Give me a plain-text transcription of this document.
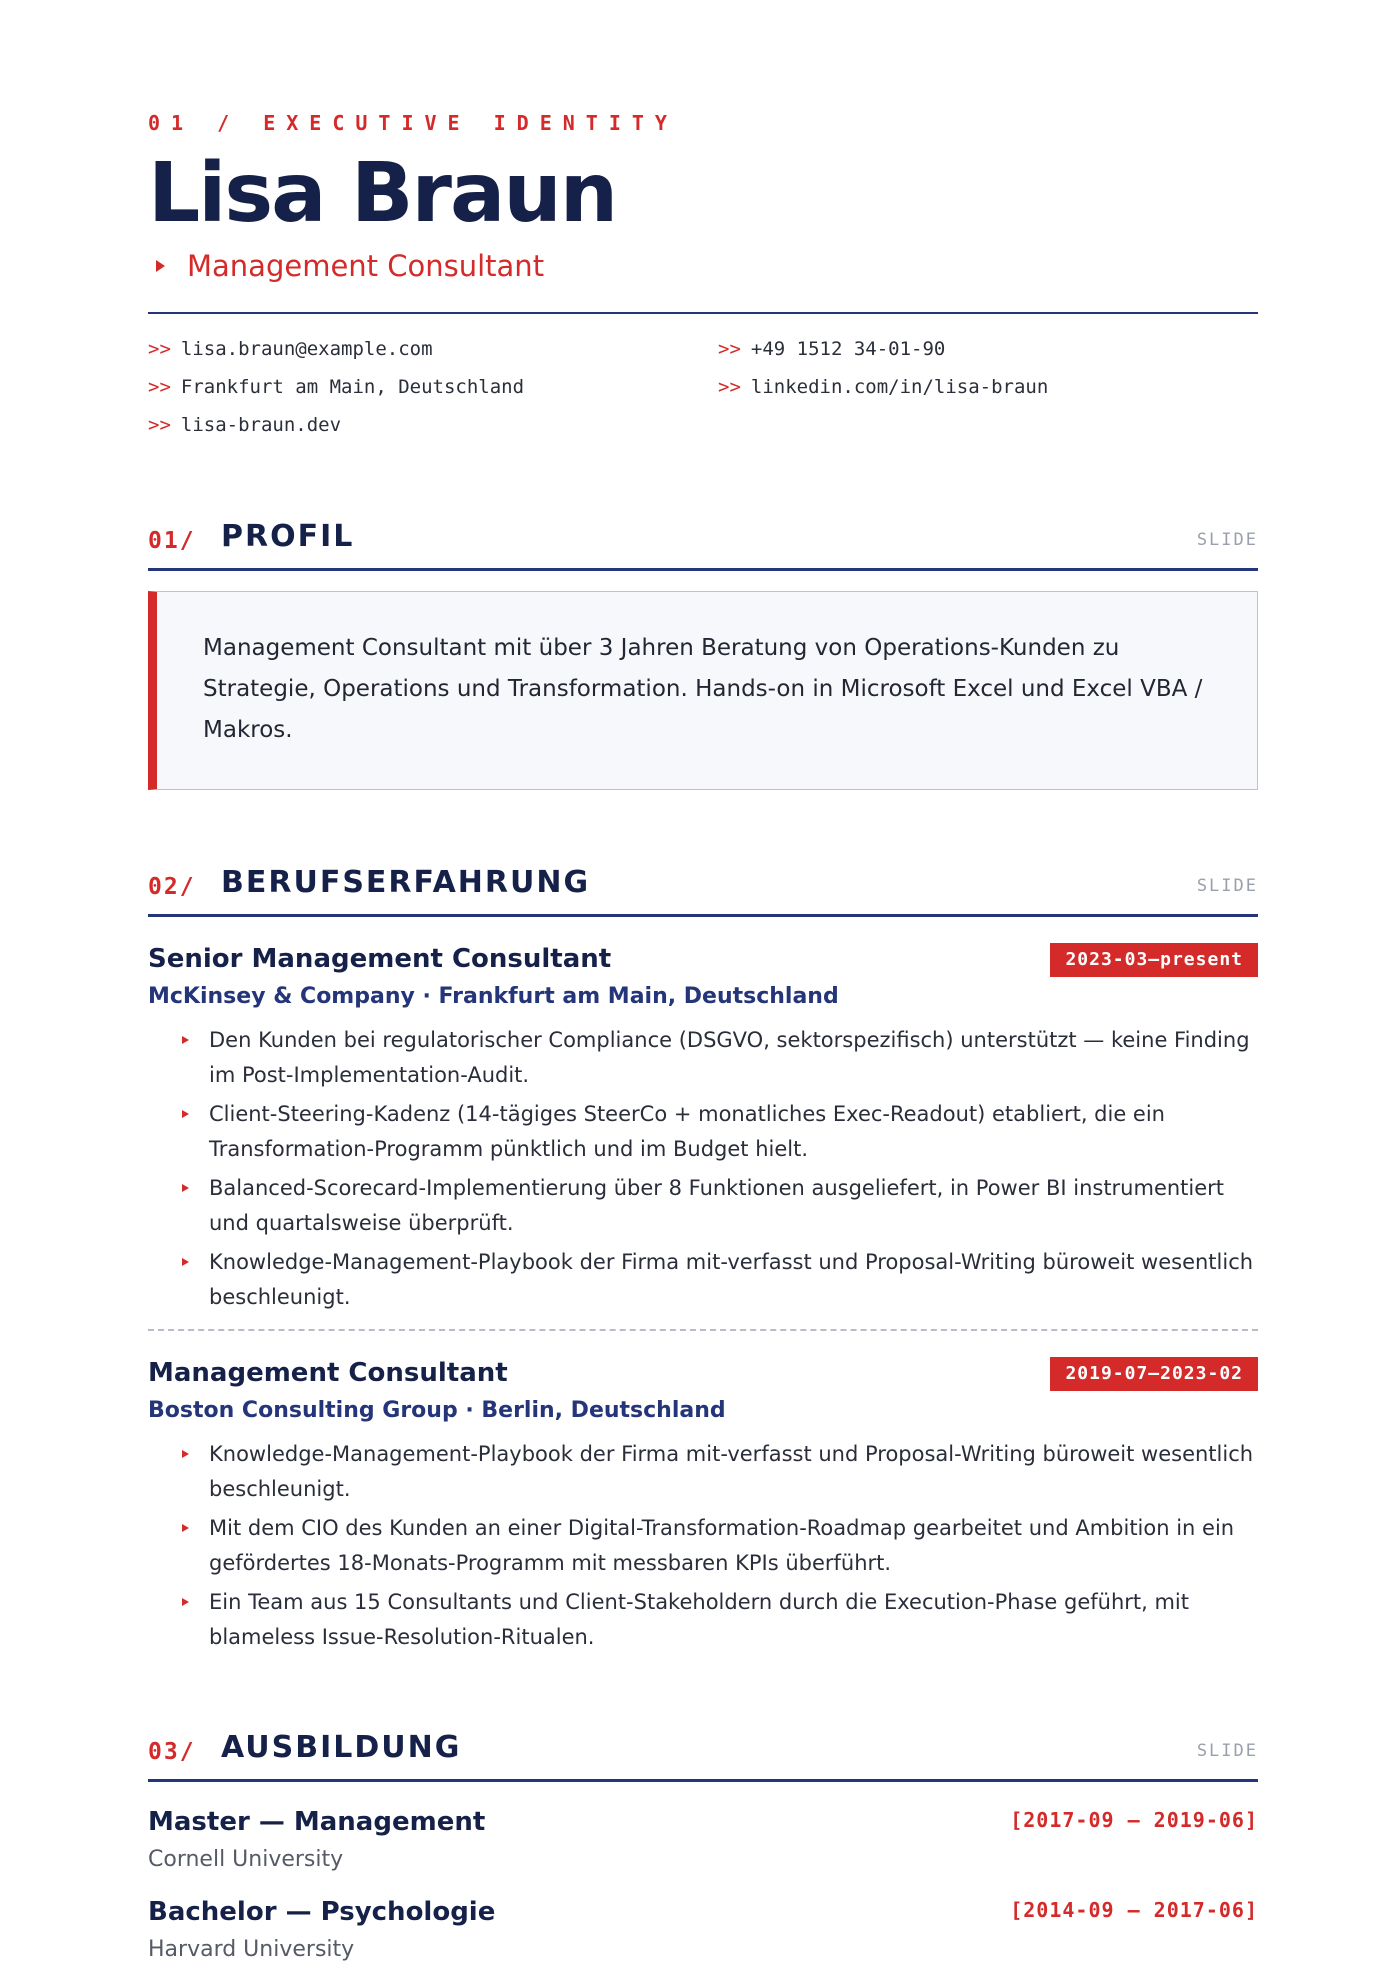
01 / EXECUTIVE IDENTITY
Lisa Braun
Management Consultant
>> lisa.braun@example.com	>> +49 1512 34-01-90
>> Frankfurt am Main, Deutschland	>> linkedin.com/in/lisa-braun
>> lisa-braun.dev
01/ PROFIL	SLIDE
Management Consultant mit über 3 Jahren Beratung von Operations-Kunden zu Strategie, Operations und Transformation. Hands-on in Microsoft Excel und Excel VBA / Makros.
02/ BERUFSERFAHRUNG	SLIDE
Senior Management Consultant	2023-03—present
McKinsey & Company · Frankfurt am Main, Deutschland
Den Kunden bei regulatorischer Compliance (DSGVO, sektorspezifisch) unterstützt — keine Finding im Post-Implementation-Audit.
Client-Steering-Kadenz (14-tägiges SteerCo + monatliches Exec-Readout) etabliert, die ein Transformation-Programm pünktlich und im Budget hielt.
Balanced-Scorecard-Implementierung über 8 Funktionen ausgeliefert, in Power BI instrumentiert und quartalsweise überprüft.
Knowledge-Management-Playbook der Firma mit-verfasst und Proposal-Writing büroweit wesentlich beschleunigt.
Management Consultant	2019-07—2023-02
Boston Consulting Group · Berlin, Deutschland
Knowledge-Management-Playbook der Firma mit-verfasst und Proposal-Writing büroweit wesentlich beschleunigt.
Mit dem CIO des Kunden an einer Digital-Transformation-Roadmap gearbeitet und Ambition in ein gefördertes 18-Monats-Programm mit messbaren KPIs überführt.
Ein Team aus 15 Consultants und Client-Stakeholdern durch die Execution-Phase geführt, mit blameless Issue-Resolution-Ritualen.
03/ AUSBILDUNG	SLIDE
Master — Management	[2017-09 – 2019-06]
Cornell University
Bachelor — Psychologie	[2014-09 – 2017-06]
Harvard University
